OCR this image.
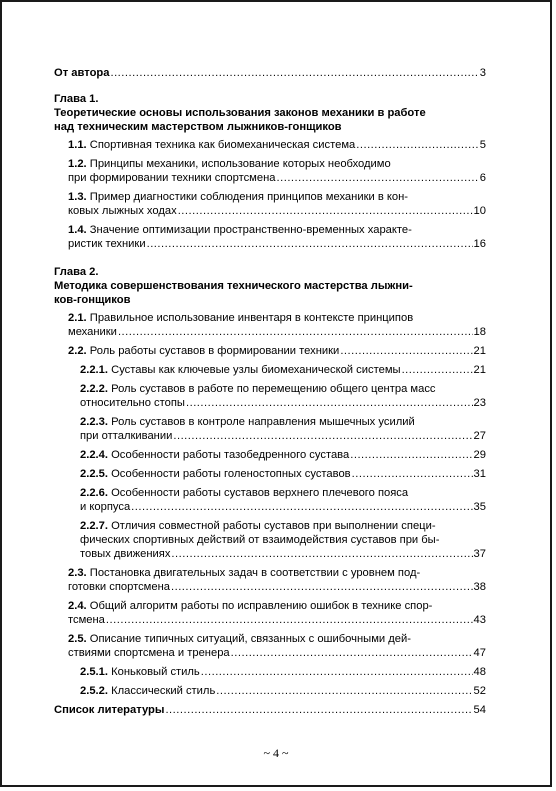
От автора .....	3
Глава 1.
Теоретические основы использования законов механики в работе
над техническим мастерством лыжников-гонщиков
1.1. Спортивная техника как биомеханическая система .....	5
1.2. Принципы механики, использование которых необходимо
при формировании техники спортсмена .....	6
1.3. Пример диагностики соблюдения принципов механики в кон-
ковых лыжных ходах .....	10
1.4. Значение оптимизации пространственно-временных характе-
ристик техники .....	16
Глава 2.
Методика совершенствования технического мастерства лыжни-
ков-гонщиков
2.1. Правильное использование инвентаря в контексте принципов
механики .....	18
2.2. Роль работы суставов в формировании техники .....	21
2.2.1. Суставы как ключевые узлы биомеханической системы .....	21
2.2.2. Роль суставов в работе по перемещению общего центра масс
относительно стопы .....	23
2.2.3. Роль суставов в контроле направления мышечных усилий
при отталкивании .....	27
2.2.4. Особенности работы тазобедренного сустава .....	29
2.2.5. Особенности работы голеностопных суставов .....	31
2.2.6. Особенности работы суставов верхнего плечевого пояса
и корпуса .....	35
2.2.7. Отличия совместной работы суставов при выполнении специ-
фических спортивных действий от взаимодействия суставов при бы-
товых движениях .....	37
2.3. Постановка двигательных задач в соответствии с уровнем под-
готовки спортсмена .....	38
2.4. Общий алгоритм работы по исправлению ошибок в технике спор-
тсмена .....	43
2.5. Описание типичных ситуаций, связанных с ошибочными дей-
ствиями спортсмена и тренера .....	47
2.5.1. Коньковый стиль .....	48
2.5.2. Классический стиль .....	52
Список литературы .....	54
~ 4 ~
